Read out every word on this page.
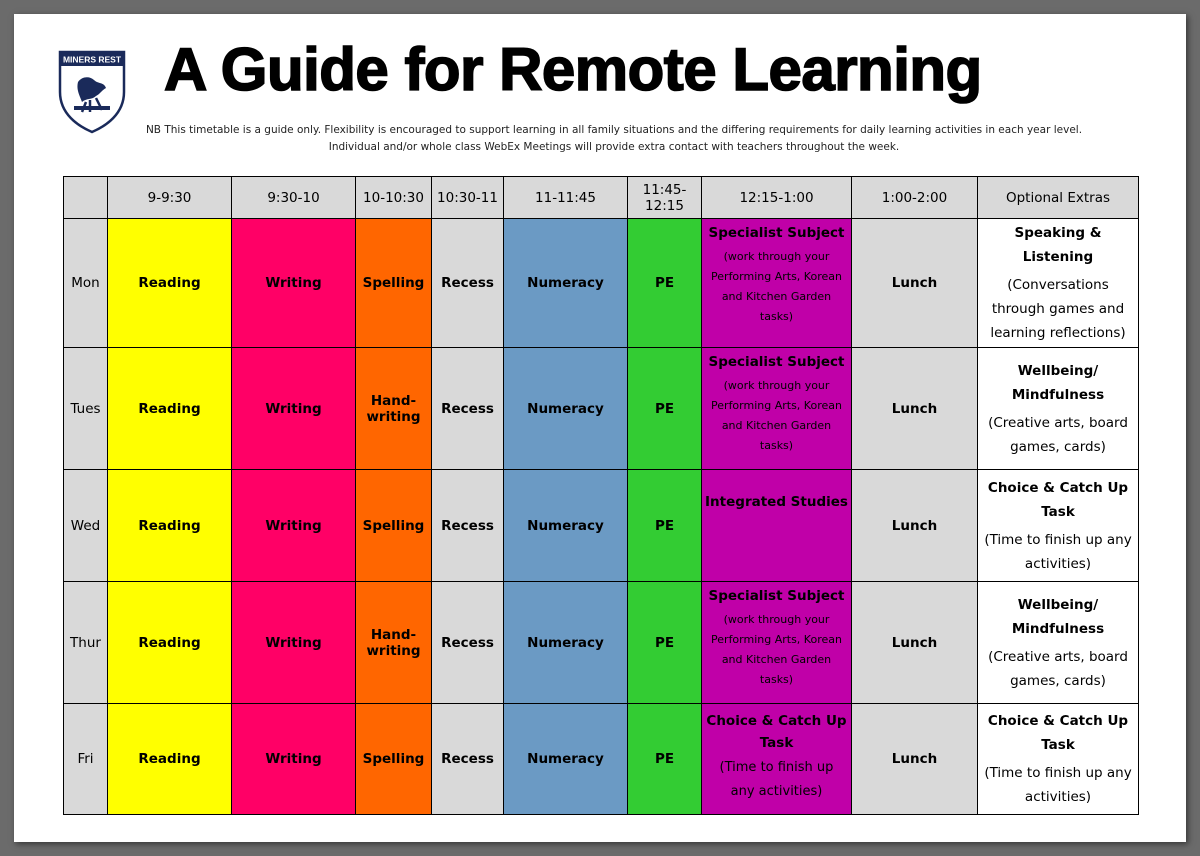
MINERS REST A Guide for Remote Learning
NB This timetable is a guide only. Flexibility is encouraged to support learning in all family situations and the differing requirements for daily learning activities in each year level.
Individual and/or whole class WebEx Meetings will provide extra contact with teachers throughout the week.
	9-9:30	9:30-10	10-10:30	10:30-11	11-11:45	11:45-12:15	12:15-1:00	1:00-2:00	Optional Extras
Mon	Reading	Writing	Spelling	Recess	Numeracy	PE	Specialist Subject
(work through your Performing Arts, Korean and Kitchen Garden tasks)	Lunch	Speaking & Listening
(Conversations through games and learning reflections)

Tues	Reading	Writing	Hand-writing	Recess	Numeracy	PE	Specialist Subject
(work through your Performing Arts, Korean and Kitchen Garden tasks)	Lunch	Wellbeing/ Mindfulness
(Creative arts, board games, cards)

Wed	Reading	Writing	Spelling	Recess	Numeracy	PE	Integrated Studies	Lunch	Choice & Catch Up Task
(Time to finish up any activities)

Thur	Reading	Writing	Hand-writing	Recess	Numeracy	PE	Specialist Subject
(work through your Performing Arts, Korean and Kitchen Garden tasks)	Lunch	Wellbeing/ Mindfulness
(Creative arts, board games, cards)

Fri	Reading	Writing	Spelling	Recess	Numeracy	PE	Choice & Catch Up Task
(Time to finish up any activities)	Lunch	Choice & Catch Up Task
(Time to finish up any activities)
